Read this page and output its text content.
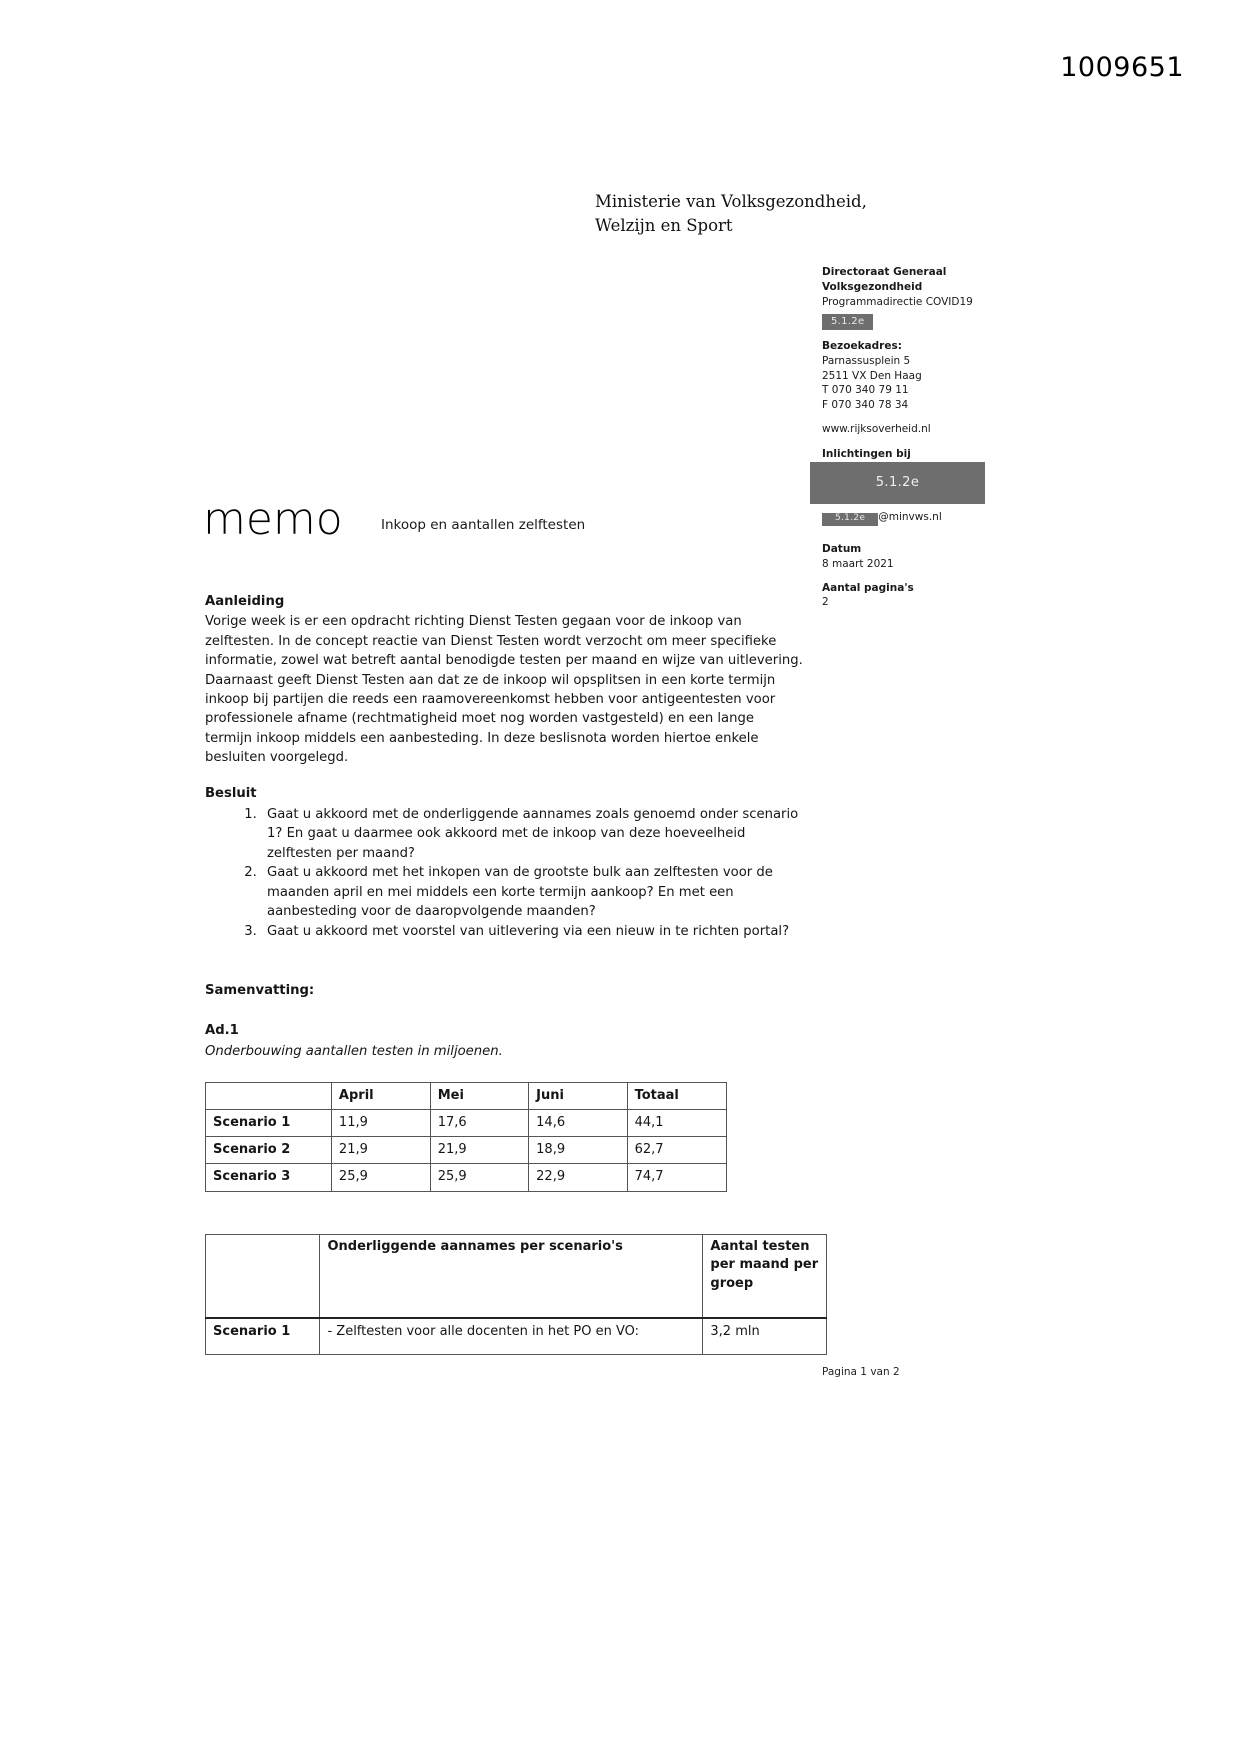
1009651
Ministerie van Volksgezondheid,
Welzijn en Sport
Directoraat Generaal
Volksgezondheid
Programmadirectie COVID19
5.1.2e
Bezoekadres:
Parnassusplein 5
2511 VX Den Haag
T 070 340 79 11
F 070 340 78 34
www.rijksoverheid.nl
Inlichtingen bij
5.1.2e
5.1.2e @minvws.nl
Datum
8 maart 2021
Aantal pagina's
2
memo	Inkoop en aantallen zelftesten
Aanleiding
Vorige week is er een opdracht richting Dienst Testen gegaan voor de inkoop van zelftesten. In de concept reactie van Dienst Testen wordt verzocht om meer specifieke informatie, zowel wat betreft aantal benodigde testen per maand en wijze van uitlevering. Daarnaast geeft Dienst Testen aan dat ze de inkoop wil opsplitsen in een korte termijn inkoop bij partijen die reeds een raamovereenkomst hebben voor antigeentesten voor professionele afname (rechtmatigheid moet nog worden vastgesteld) en een lange termijn inkoop middels een aanbesteding. In deze beslisnota worden hiertoe enkele besluiten voorgelegd.
Besluit
1. Gaat u akkoord met de onderliggende aannames zoals genoemd onder scenario 1? En gaat u daarmee ook akkoord met de inkoop van deze hoeveelheid zelftesten per maand?
2. Gaat u akkoord met het inkopen van de grootste bulk aan zelftesten voor de maanden april en mei middels een korte termijn aankoop? En met een aanbesteding voor de daaropvolgende maanden?
3. Gaat u akkoord met voorstel van uitlevering via een nieuw in te richten portal?
Samenvatting:
Ad.1
Onderbouwing aantallen testen in miljoenen.
	April	Mei	Juni	Totaal
Scenario 1	11,9	17,6	14,6	44,1
Scenario 2	21,9	21,9	18,9	62,7
Scenario 3	25,9	25,9	22,9	74,7
	Onderliggende aannames per scenario's	Aantal testen per maand per groep
Scenario 1	- Zelftesten voor alle docenten in het PO en VO:	3,2 mln
Pagina 1 van 2
